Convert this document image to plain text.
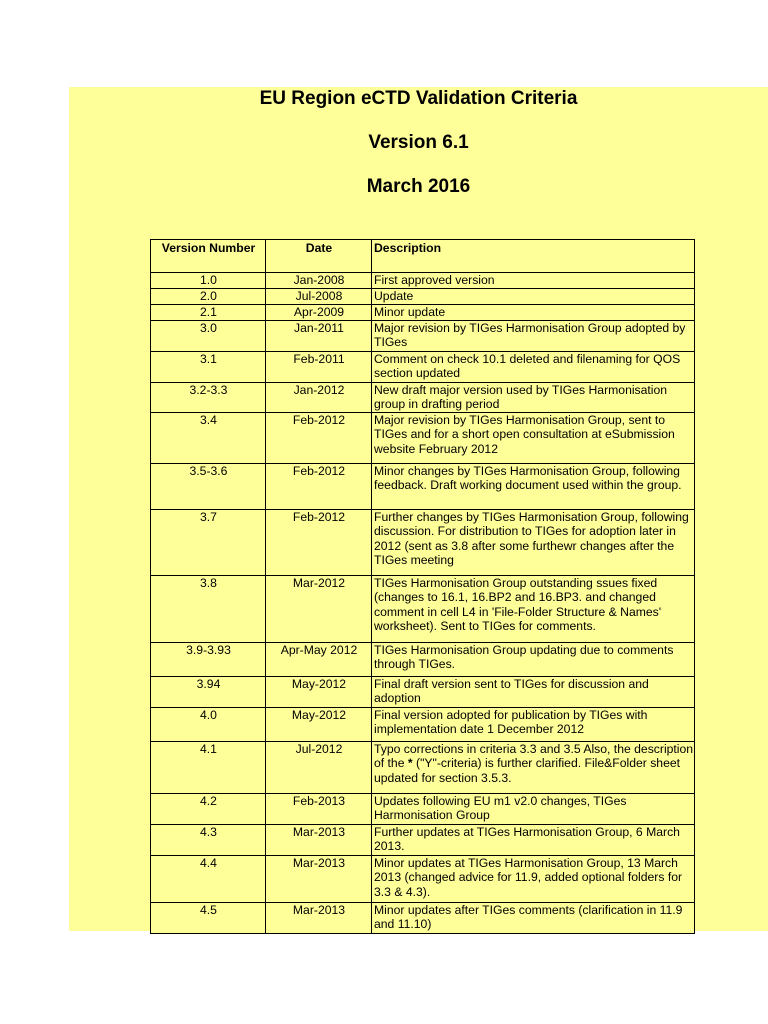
EU Region eCTD Validation Criteria
Version 6.1
March 2016
Version Number	Date	Description
1.0	Jan-2008	First approved version
2.0	Jul-2008	Update
2.1	Apr-2009	Minor update
3.0	Jan-2011	Major revision by TIGes Harmonisation Group adopted by TIGes
3.1	Feb-2011	Comment on check 10.1 deleted and filenaming for QOS section updated
3.2-3.3	Jan-2012	New draft major version used by TIGes Harmonisation group in drafting period
3.4	Feb-2012	Major revision by TIGes Harmonisation Group, sent to TIGes and for a short open consultation at eSubmission website February 2012
3.5-3.6	Feb-2012	Minor changes by TIGes Harmonisation Group, following feedback. Draft working document used within the group.
3.7	Feb-2012	Further changes by TIGes Harmonisation Group, following discussion. For distribution to TIGes for adoption later in 2012 (sent as 3.8 after some furthewr changes after the TIGes meeting
3.8	Mar-2012	TIGes Harmonisation Group outstanding ssues fixed (changes to 16.1, 16.BP2 and 16.BP3. and changed comment in cell L4 in 'File-Folder Structure & Names' worksheet). Sent to TIGes for comments.
3.9-3.93	Apr-May 2012	TIGes Harmonisation Group updating due to comments through TIGes.
3.94	May-2012	Final draft version sent to TIGes for discussion and adoption
4.0	May-2012	Final version adopted for publication by TIGes with implementation date 1 December 2012
4.1	Jul-2012	Typo corrections in criteria 3.3 and 3.5 Also, the description of the * ("Y"-criteria) is further clarified. File&Folder sheet updated for section 3.5.3.
4.2	Feb-2013	Updates following EU m1 v2.0 changes, TIGes Harmonisation Group
4.3	Mar-2013	Further updates at TIGes Harmonisation Group, 6 March 2013.
4.4	Mar-2013	Minor updates at TIGes Harmonisation Group, 13 March 2013 (changed advice for 11.9, added optional folders for 3.3 & 4.3).
4.5	Mar-2013	Minor updates after TIGes comments (clarification in 11.9 and 11.10)
